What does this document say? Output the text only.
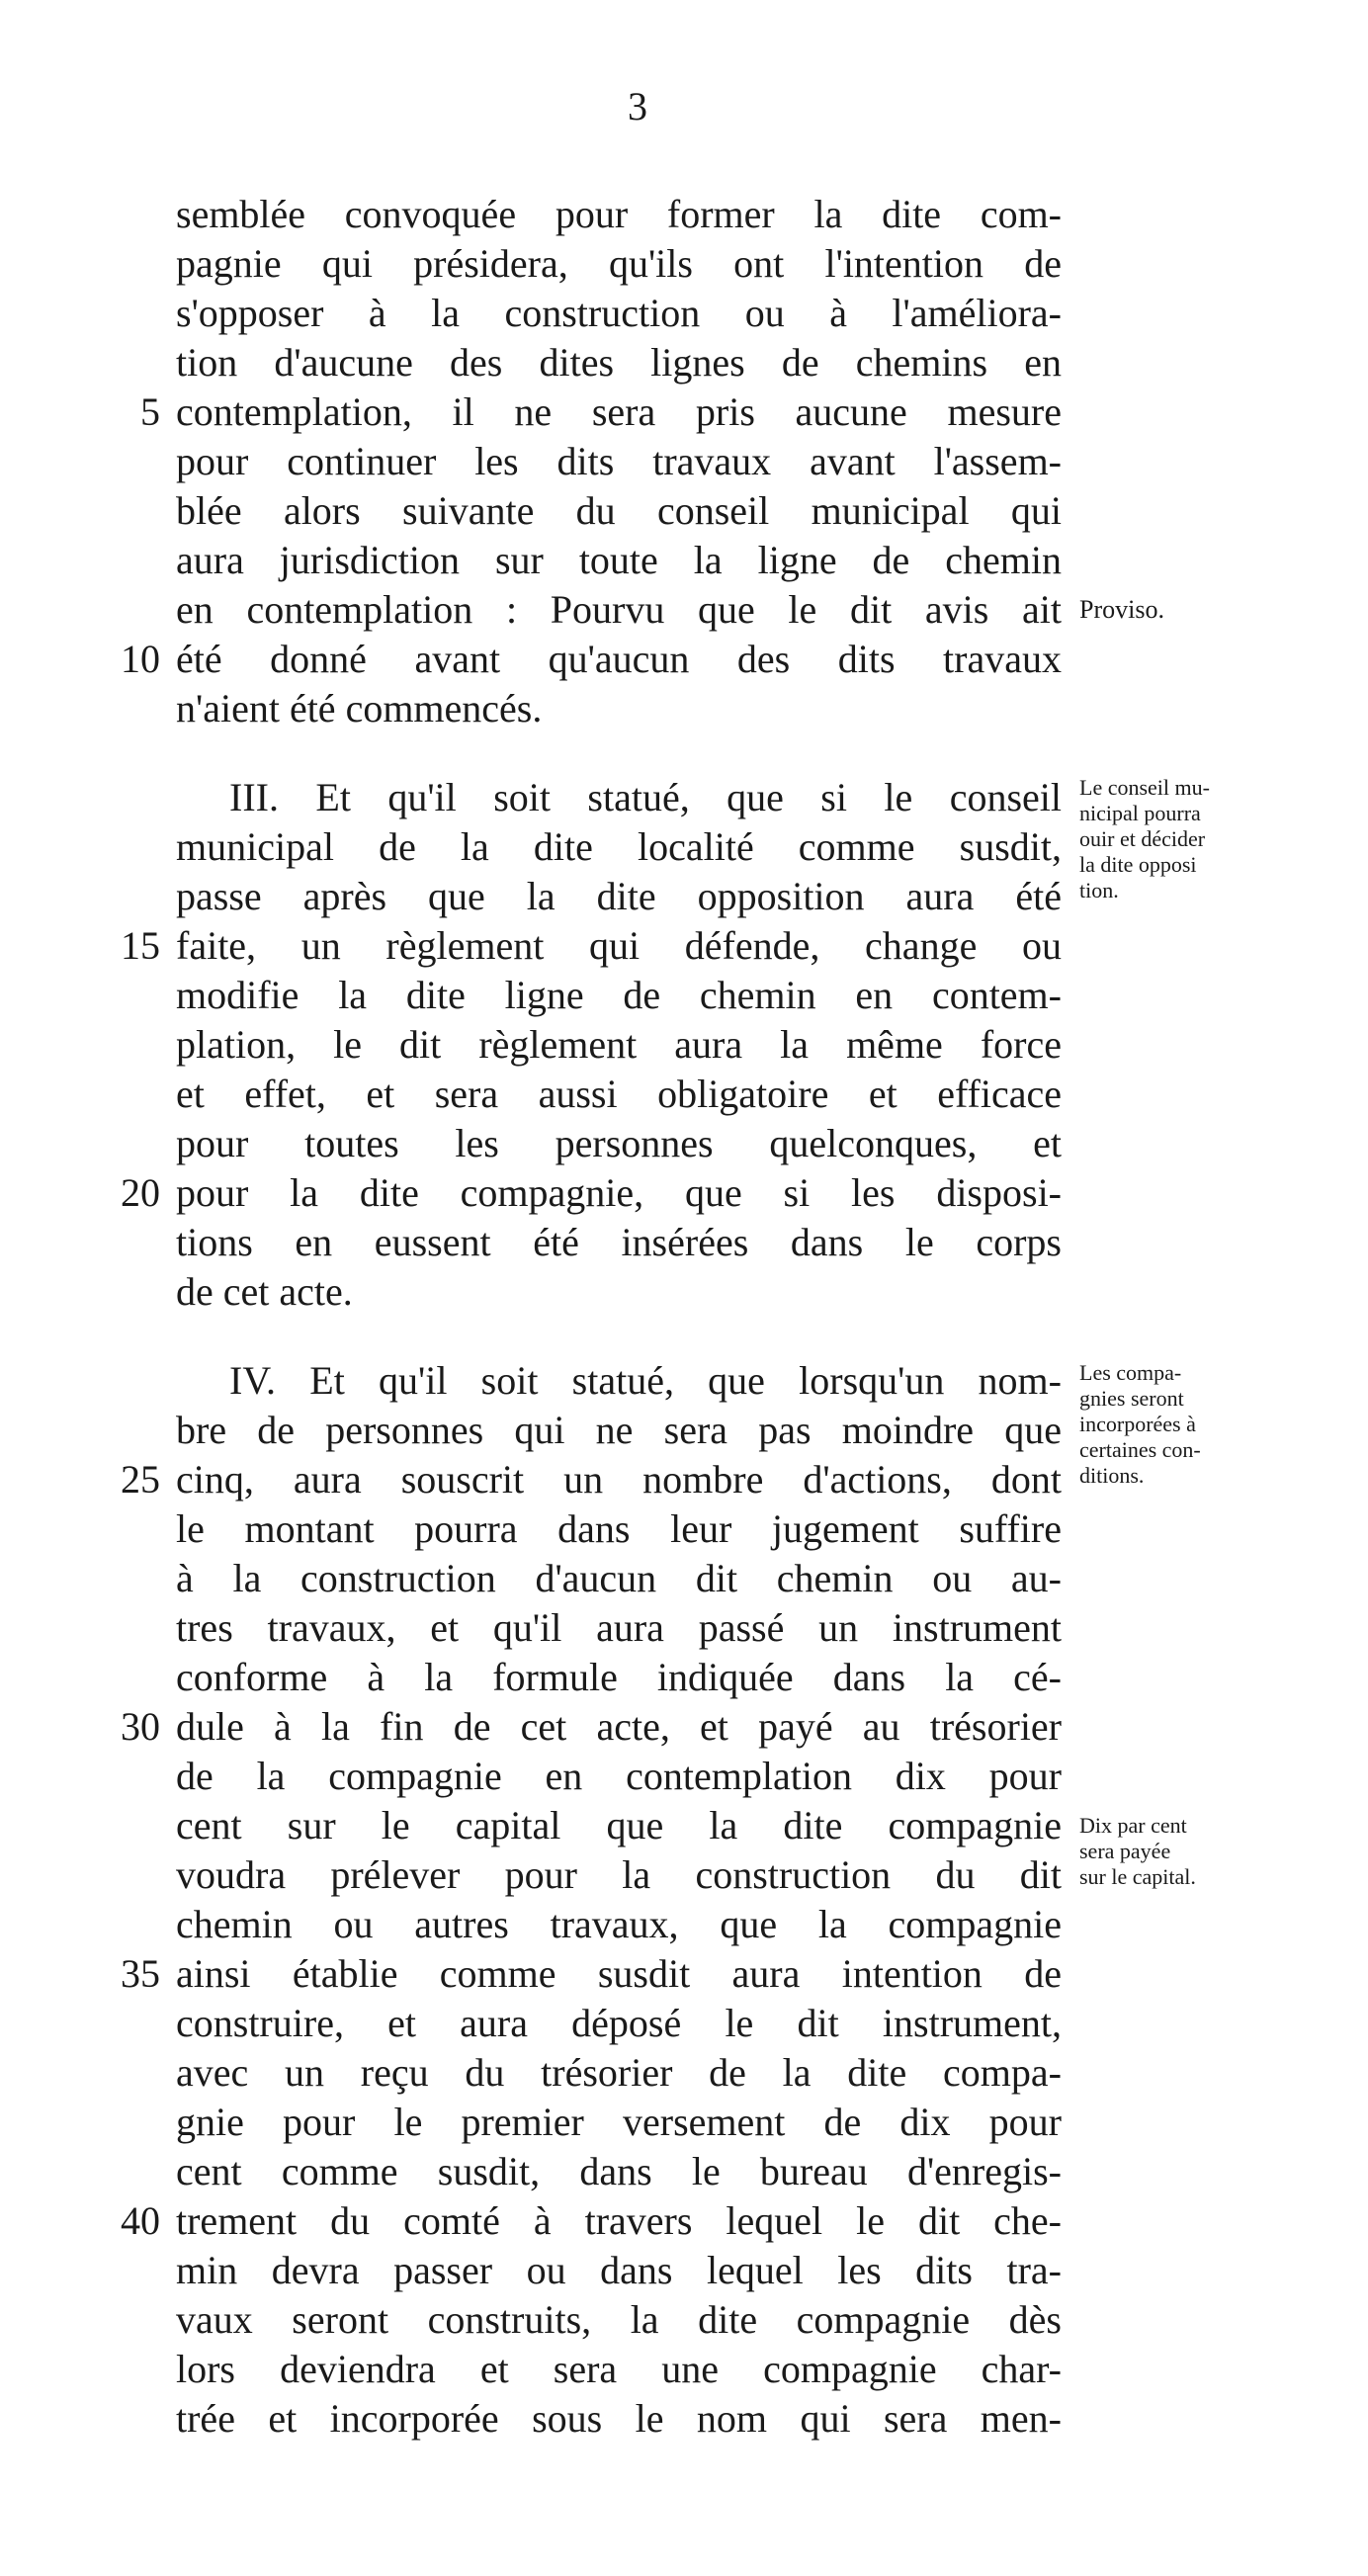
3
semblée convoquée pour former la dite com-
pagnie qui présidera, qu'ils ont l'intention de
s'opposer à la construction ou à l'améliora-
tion d'aucune des dites lignes de chemins en
5 contemplation, il ne sera pris aucune mesure
pour continuer les dits travaux avant l'assem-
blée alors suivante du conseil municipal qui
aura jurisdiction sur toute la ligne de chemin
en contemplation : Pourvu que le dit avis ait
10 été donné avant qu'aucun des dits travaux
n'aient été commencés.
III. Et qu'il soit statué, que si le conseil
municipal de la dite localité comme susdit,
passe après que la dite opposition aura été
15 faite, un règlement qui défende, change ou
modifie la dite ligne de chemin en contem-
plation, le dit règlement aura la même force
et effet, et sera aussi obligatoire et efficace
pour toutes les personnes quelconques, et
20 pour la dite compagnie, que si les disposi-
tions en eussent été insérées dans le corps
de cet acte.
IV. Et qu'il soit statué, que lorsqu'un nom-
bre de personnes qui ne sera pas moindre que
25 cinq, aura souscrit un nombre d'actions, dont
le montant pourra dans leur jugement suffire
à la construction d'aucun dit chemin ou au-
tres travaux, et qu'il aura passé un instrument
conforme à la formule indiquée dans la cé-
30 dule à la fin de cet acte, et payé au trésorier
de la compagnie en contemplation dix pour
cent sur le capital que la dite compagnie
voudra prélever pour la construction du dit
chemin ou autres travaux, que la compagnie
35 ainsi établie comme susdit aura intention de
construire, et aura déposé le dit instrument,
avec un reçu du trésorier de la dite compa-
gnie pour le premier versement de dix pour
cent comme susdit, dans le bureau d'enregis-
40 trement du comté à travers lequel le dit che-
min devra passer ou dans lequel les dits tra-
vaux seront construits, la dite compagnie dès
lors deviendra et sera une compagnie char-
trée et incorporée sous le nom qui sera men-
Proviso.
Le conseil mu-
nicipal pourra
ouir et décider
la dite opposi
tion.
Les compa-
gnies seront
incorporées à
certaines con-
ditions.
Dix par cent
sera payée
sur le capital.
